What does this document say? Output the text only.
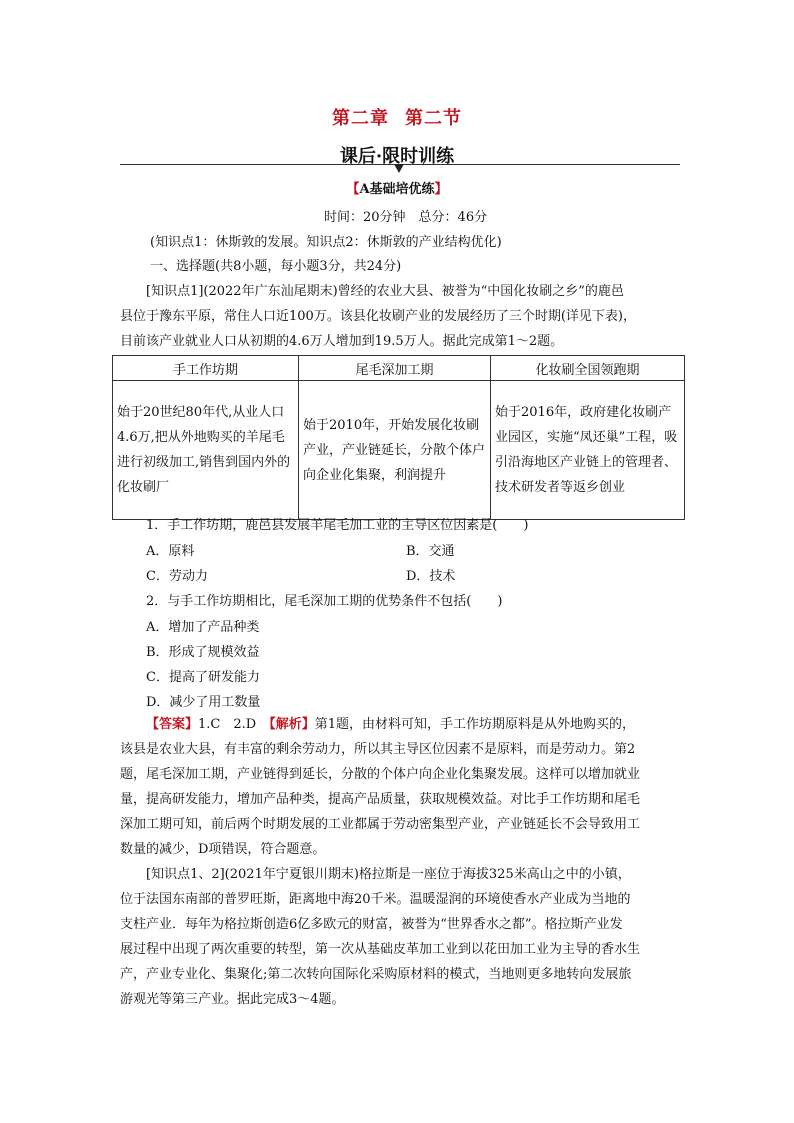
第二章 第二节
课后·限时训练
【A基础培优练】
时间：20分钟　总分：46分
(知识点1：休斯敦的发展。知识点2：休斯敦的产业结构优化)
一、选择题(共8小题，每小题3分，共24分)
[知识点1](2022年广东汕尾期末)曾经的农业大县、被誉为“中国化妆刷之乡”的鹿邑
县位于豫东平原，常住人口近100万。该县化妆刷产业的发展经历了三个时期(详见下表)，
目前该产业就业人口从初期的4.6万人增加到19.5万人。据此完成第1～2题。
手工作坊期	尾毛深加工期	化妆刷全国领跑期
始于20世纪80年代,从业人口4.6万,把从外地购买的羊尾毛进行初级加工,销售到国内外的化妆刷厂	始于2010年，开始发展化妆刷产业，产业链延长，分散个体户向企业化集聚，利润提升	始于2016年，政府建化妆刷产业园区，实施“凤还巢”工程，吸引沿海地区产业链上的管理者、技术研发者等返乡创业
1．手工作坊期，鹿邑县发展羊尾毛加工业的主导区位因素是(　　)
A．原料	B．交通
C．劳动力	D．技术
2．与手工作坊期相比，尾毛深加工期的优势条件不包括(　　)
A．增加了产品种类
B．形成了规模效益
C．提高了研发能力
D．减少了用工数量
【答案】1.C　2.D　【解析】第1题，由材料可知，手工作坊期原料是从外地购买的，
该县是农业大县，有丰富的剩余劳动力，所以其主导区位因素不是原料，而是劳动力。第2
题，尾毛深加工期，产业链得到延长，分散的个体户向企业化集聚发展。这样可以增加就业
量，提高研发能力，增加产品种类，提高产品质量，获取规模效益。对比手工作坊期和尾毛
深加工期可知，前后两个时期发展的工业都属于劳动密集型产业，产业链延长不会导致用工
数量的减少，D项错误，符合题意。
[知识点1、2](2021年宁夏银川期末)格拉斯是一座位于海拔325米高山之中的小镇，
位于法国东南部的普罗旺斯，距离地中海20千米。温暖湿润的环境使香水产业成为当地的
支柱产业．每年为格拉斯创造6亿多欧元的财富，被誉为“世界香水之都”。格拉斯产业发
展过程中出现了两次重要的转型，第一次从基础皮革加工业到以花田加工业为主导的香水生
产，产业专业化、集聚化;第二次转向国际化采购原材料的模式，当地则更多地转向发展旅
游观光等第三产业。据此完成3～4题。
